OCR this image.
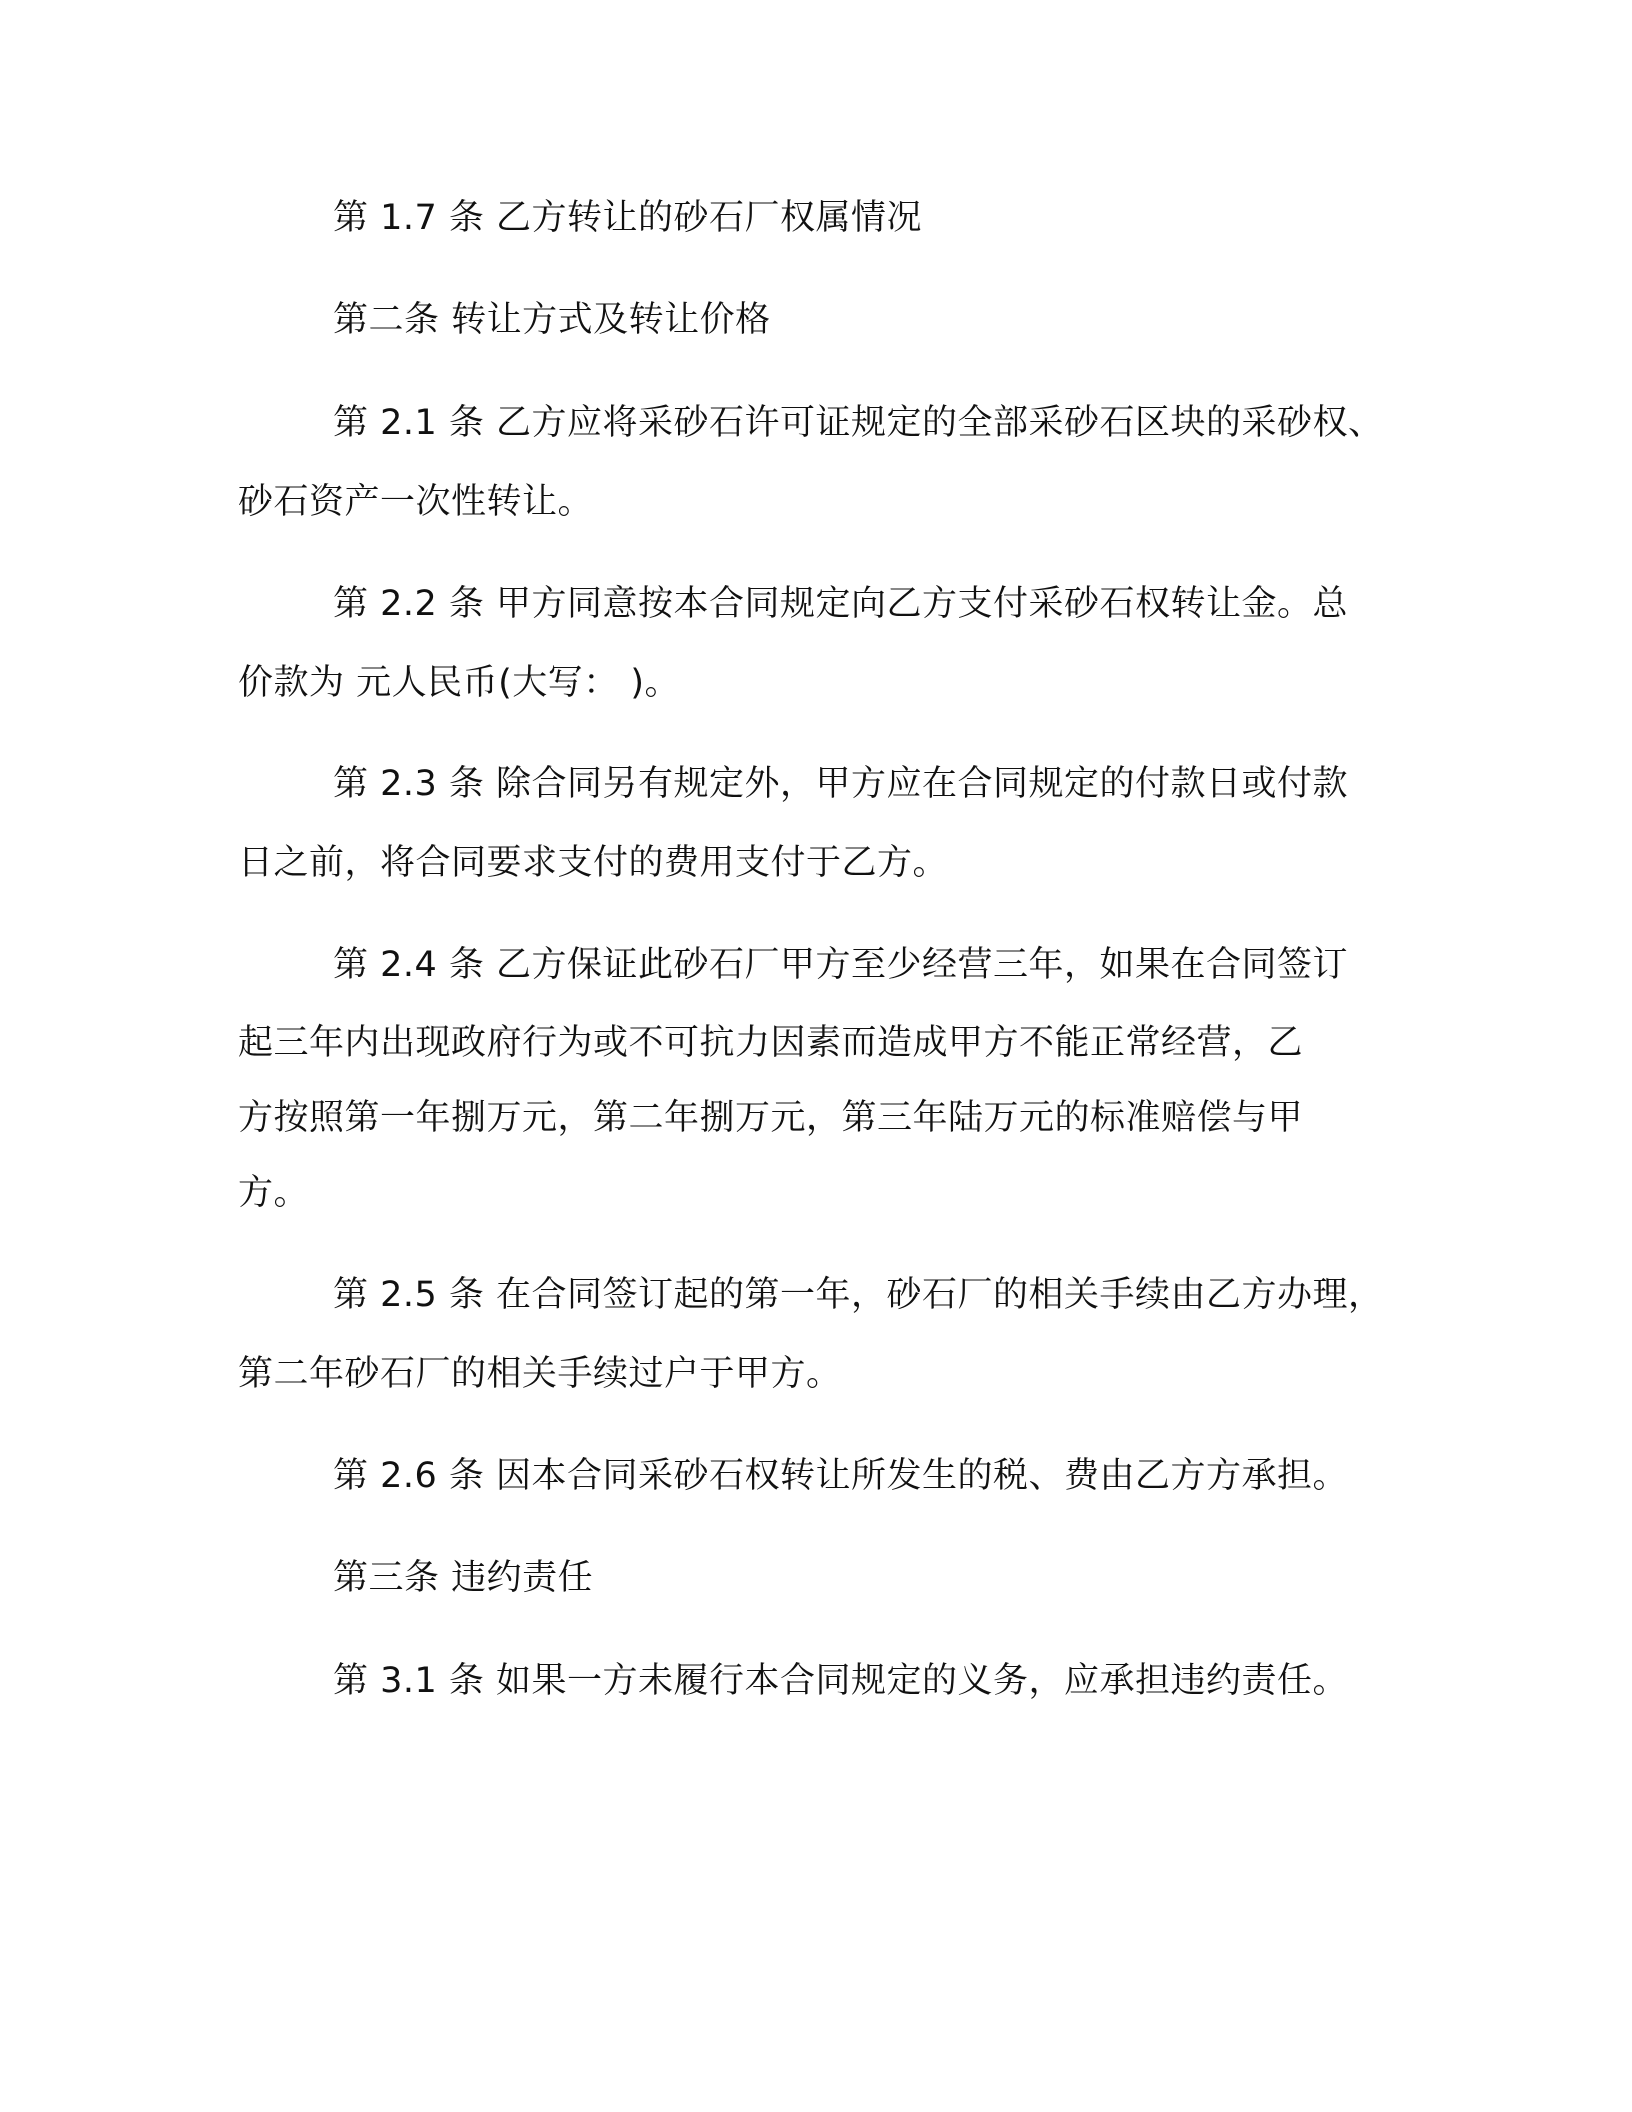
第 1.7 条 乙方转让的砂石厂权属情况
第二条 转让方式及转让价格
第 2.1 条 乙方应将采砂石许可证规定的全部采砂石区块的采砂权、
砂石资产一次性转让。
第 2.2 条 甲方同意按本合同规定向乙方支付采砂石权转让金。总
价款为 元人民币(大写： )。
第 2.3 条 除合同另有规定外，甲方应在合同规定的付款日或付款
日之前，将合同要求支付的费用支付于乙方。
第 2.4 条 乙方保证此砂石厂甲方至少经营三年，如果在合同签订
起三年内出现政府行为或不可抗力因素而造成甲方不能正常经营，乙
方按照第一年捌万元，第二年捌万元，第三年陆万元的标准赔偿与甲
方。
第 2.5 条 在合同签订起的第一年，砂石厂的相关手续由乙方办理，
第二年砂石厂的相关手续过户于甲方。
第 2.6 条 因本合同采砂石权转让所发生的税、费由乙方方承担。
第三条 违约责任
第 3.1 条 如果一方未履行本合同规定的义务，应承担违约责任。
